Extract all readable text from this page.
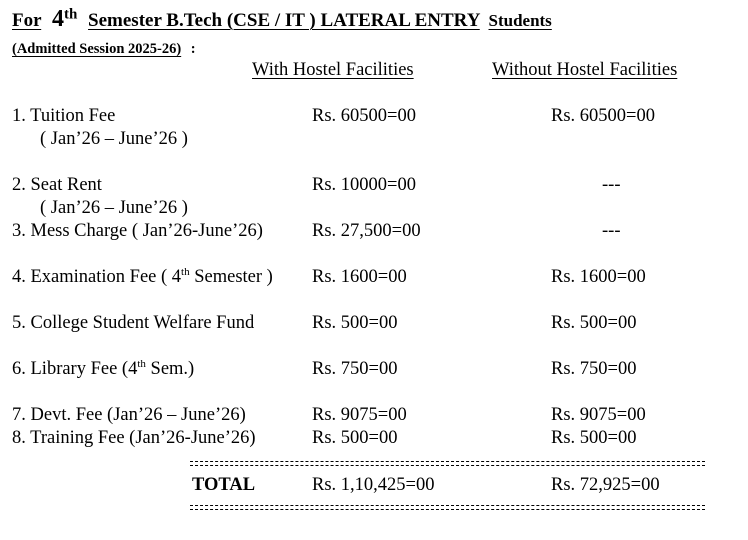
For 4th Semester B.Tech (CSE / IT ) LATERAL ENTRY Students
(Admitted Session 2025-26) :
With Hostel Facilities	Without Hostel Facilities
1. Tuition Fee
( Jan’26 – June’26 )
Rs. 60500=00	Rs. 60500=00
2. Seat Rent
( Jan’26 – June’26 )
Rs. 10000=00	---
3. Mess Charge ( Jan’26-June’26)	Rs. 27,500=00	---
4. Examination Fee ( 4th Semester ) Rs. 1600=00	Rs. 1600=00
5. College Student Welfare Fund	Rs. 500=00	Rs. 500=00
6. Library Fee (4th Sem.)	Rs. 750=00	Rs. 750=00
7. Devt. Fee (Jan’26 – June’26)	Rs. 9075=00	Rs. 9075=00
8. Training Fee (Jan’26-June’26)	Rs. 500=00	Rs. 500=00
TOTAL	Rs. 1,10,425=00	Rs. 72,925=00
